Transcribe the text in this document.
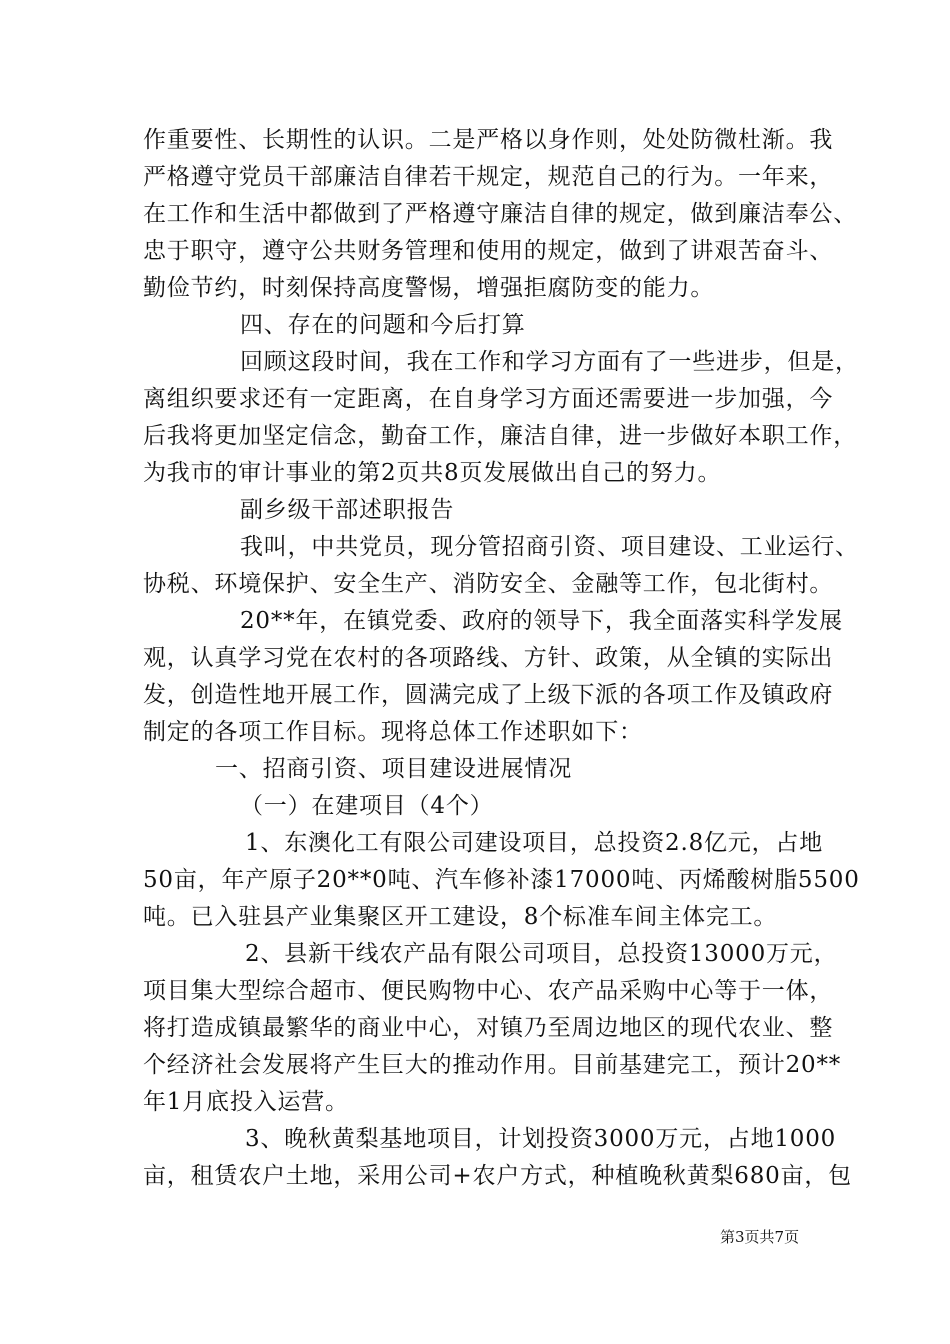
作重要性、长期性的认识。二是严格以身作则，处处防微杜渐。我
严格遵守党员干部廉洁自律若干规定，规范自己的行为。一年来，
在工作和生活中都做到了严格遵守廉洁自律的规定，做到廉洁奉公、
忠于职守，遵守公共财务管理和使用的规定，做到了讲艰苦奋斗、
勤俭节约，时刻保持高度警惕，增强拒腐防变的能力。
四、存在的问题和今后打算
回顾这段时间，我在工作和学习方面有了一些进步，但是，
离组织要求还有一定距离，在自身学习方面还需要进一步加强，今
后我将更加坚定信念，勤奋工作，廉洁自律，进一步做好本职工作，
为我市的审计事业的第2页共8页发展做出自己的努力。
副乡级干部述职报告
我叫，中共党员，现分管招商引资、项目建设、工业运行、
协税、环境保护、安全生产、消防安全、金融等工作，包北街村。
20**年，在镇党委、政府的领导下，我全面落实科学发展
观，认真学习党在农村的各项路线、方针、政策，从全镇的实际出
发，创造性地开展工作，圆满完成了上级下派的各项工作及镇政府
制定的各项工作目标。现将总体工作述职如下：
一、招商引资、项目建设进展情况
（一）在建项目（4个）
1、东澳化工有限公司建设项目，总投资2.8亿元，占地
50亩，年产原子20**0吨、汽车修补漆17000吨、丙烯酸树脂5500
吨。已入驻县产业集聚区开工建设，8个标准车间主体完工。
2、县新干线农产品有限公司项目，总投资13000万元，
项目集大型综合超市、便民购物中心、农产品采购中心等于一体，
将打造成镇最繁华的商业中心，对镇乃至周边地区的现代农业、整
个经济社会发展将产生巨大的推动作用。目前基建完工，预计20**
年1月底投入运营。
3、晚秋黄梨基地项目，计划投资3000万元，占地1000
亩，租赁农户土地，采用公司+农户方式，种植晚秋黄梨680亩，包
第3页共7页
